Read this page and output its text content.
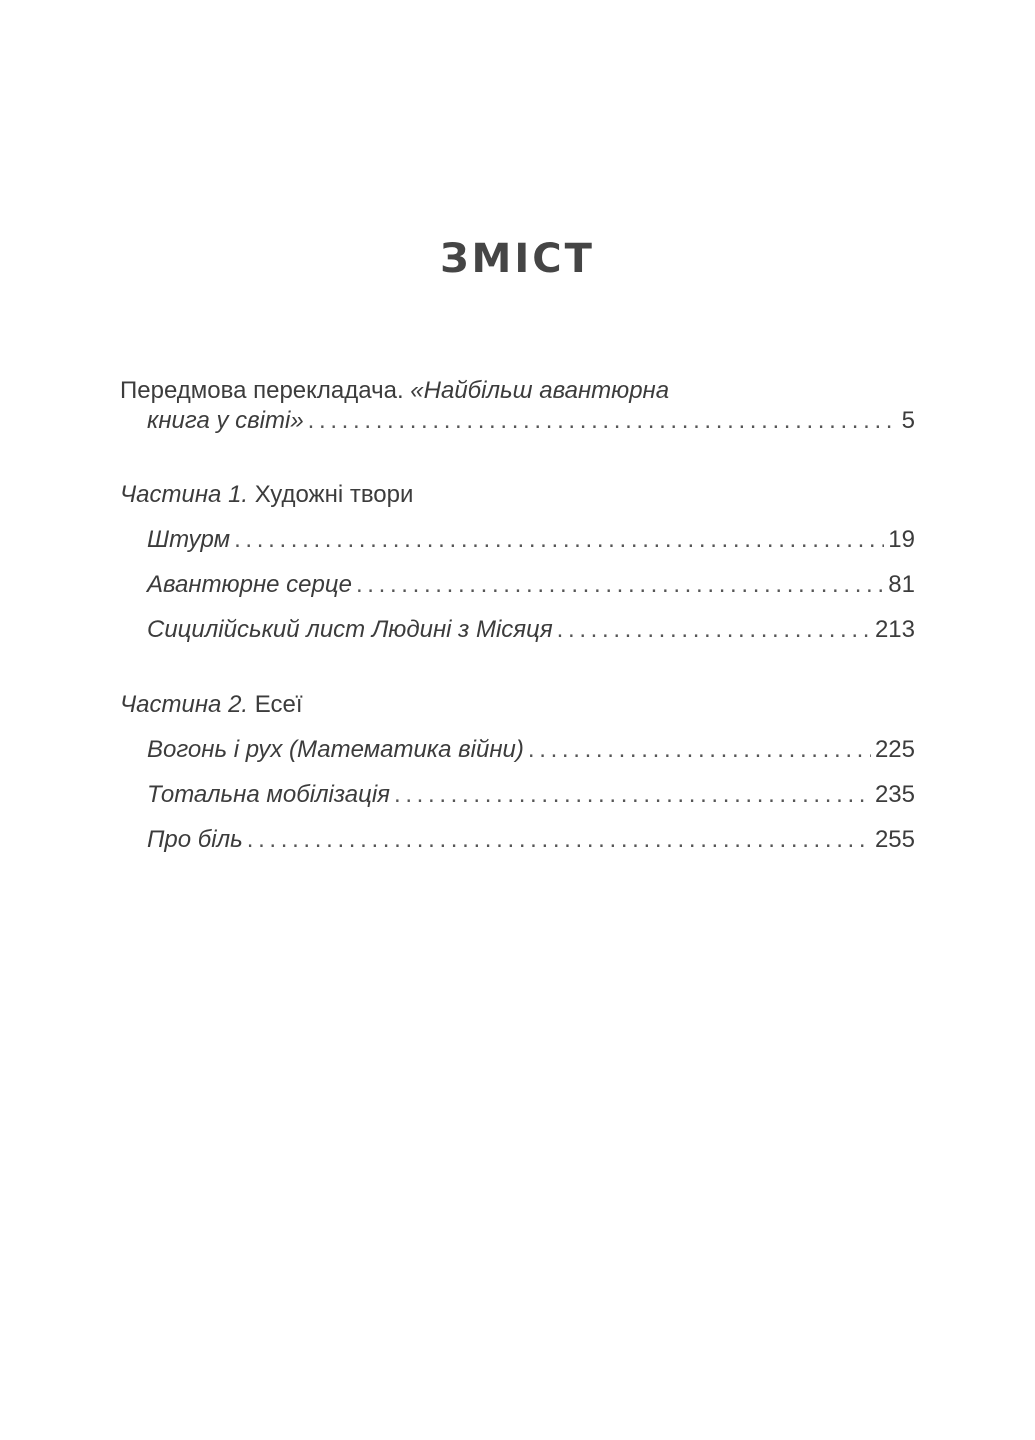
ЗМІСТ
Передмова перекладача. «Найбільш авантюрна
книга у світі» . . .	5
Частина 1. Художні твори
Штурм . . .	19
Авантюрне серце . . .	81
Сицилійський лист Людині з Місяця . . .	213
Частина 2. Есеї
Вогонь і рух (Математика війни) . . .	225
Тотальна мобілізація . . .	235
Про біль . . .	255
